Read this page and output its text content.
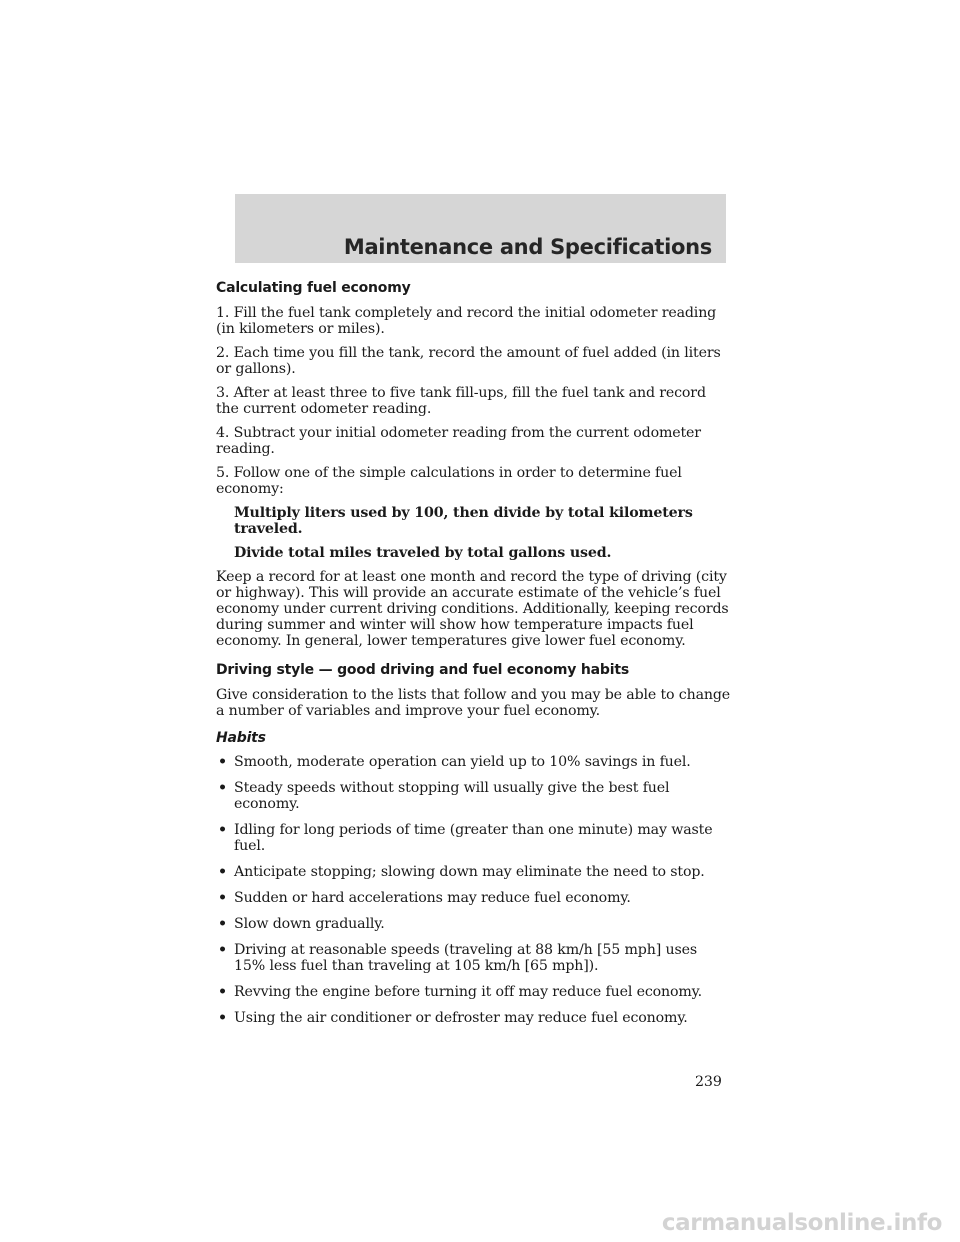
Maintenance and Specifications

Calculating fuel economy

1. Fill the fuel tank completely and record the initial odometer reading (in kilometers or miles).

2. Each time you fill the tank, record the amount of fuel added (in liters or gallons).

3. After at least three to five tank fill-ups, fill the fuel tank and record the current odometer reading.

4. Subtract your initial odometer reading from the current odometer reading.

5. Follow one of the simple calculations in order to determine fuel economy:

Multiply liters used by 100, then divide by total kilometers traveled.

Divide total miles traveled by total gallons used.

Keep a record for at least one month and record the type of driving (city or highway). This will provide an accurate estimate of the vehicle’s fuel economy under current driving conditions. Additionally, keeping records during summer and winter will show how temperature impacts fuel economy. In general, lower temperatures give lower fuel economy.

Driving style — good driving and fuel economy habits

Give consideration to the lists that follow and you may be able to change a number of variables and improve your fuel economy.

Habits

• Smooth, moderate operation can yield up to 10% savings in fuel.
• Steady speeds without stopping will usually give the best fuel economy.
• Idling for long periods of time (greater than one minute) may waste fuel.
• Anticipate stopping; slowing down may eliminate the need to stop.
• Sudden or hard accelerations may reduce fuel economy.
• Slow down gradually.
• Driving at reasonable speeds (traveling at 88 km/h [55 mph] uses 15% less fuel than traveling at 105 km/h [65 mph]).
• Revving the engine before turning it off may reduce fuel economy.
• Using the air conditioner or defroster may reduce fuel economy.
239
carmanualsonline.info
